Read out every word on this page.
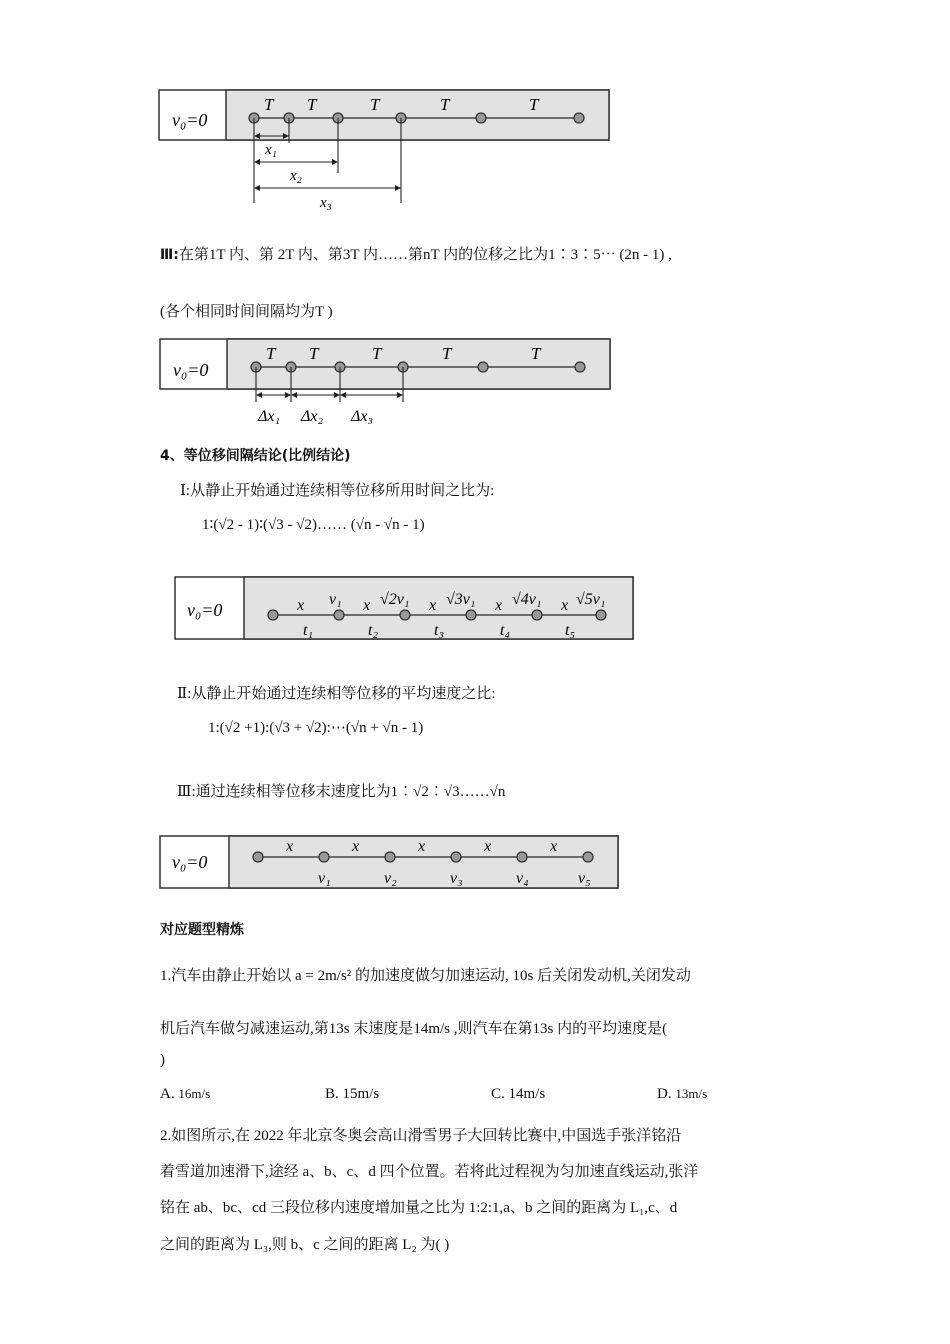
v₀=0
T T	T	T	T
x₁
x₂
x₃
Ⅲ:在第1T 内、第 2T 内、第3T 内……第nT 内的位移之比为1∶3∶5⋯ (2n - 1) ,
(各个相同时间间隔均为T )
v₀=0
T T	T	T	T
Δx₁ Δx₂ Δx₃
4、等位移间隔结论(比例结论)
Ⅰ:从静止开始通过连续相等位移所用时间之比为:
1∶(√2 - 1)∶(√3 - √2)…… (√n - √n - 1)
v₀=0	x	x	x	x	x
v₁ √2v₁ √3v₁ √4v₁ √5v₁
t₁	t₂	t₃	t₄	t₅
Ⅱ:从静止开始通过连续相等位移的平均速度之比:
1:(√2 +1):(√3 + √2):⋯(√n + √n - 1)
Ⅲ:通过连续相等位移末速度比为1∶√2∶√3……√n
v₀=0
x	x	x	x	x
v₁	v₂	v₃	v₄	v₅
对应题型精炼
1.汽车由静止开始以 a = 2m/s² 的加速度做匀加速运动, 10s 后关闭发动机,关闭发动
机后汽车做匀减速运动,第13s 末速度是14m/s ,则汽车在第13s 内的平均速度是(
)
A. 16m/s	B. 15m/s	C. 14m/s	D. 13m/s
2.如图所示,在 2022 年北京冬奥会高山滑雪男子大回转比赛中,中国选手张洋铭沿
着雪道加速滑下,途经 a、b、c、d 四个位置。若将此过程视为匀加速直线运动,张洋
铭在 ab、bc、cd 三段位移内速度增加量之比为 1:2:1,a、b 之间的距离为 L₁,c、d
之间的距离为 L₃,则 b、c 之间的距离 L₂ 为( )
